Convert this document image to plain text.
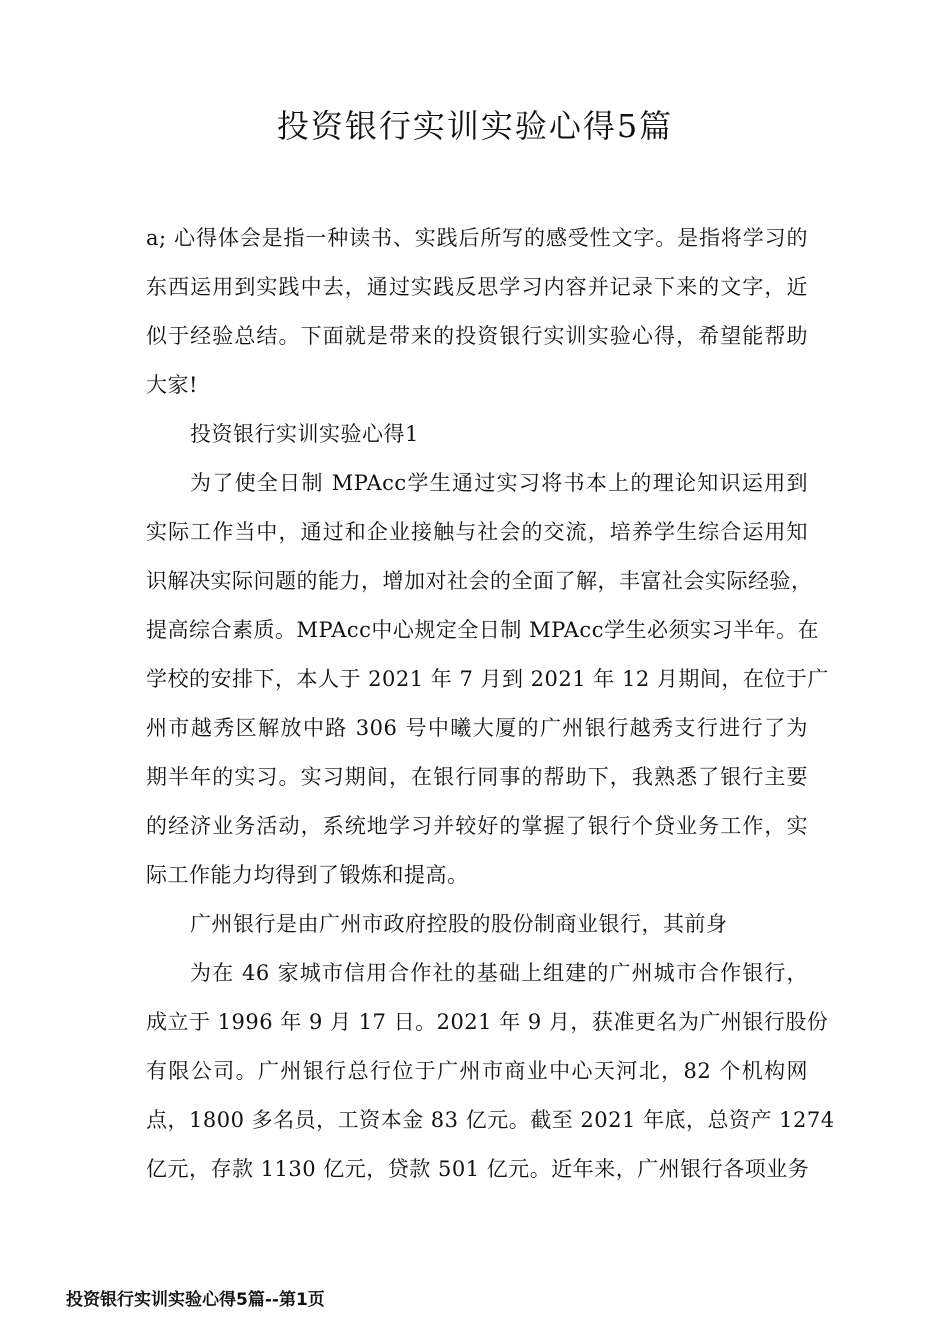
投资银行实训实验心得5篇
a; 心得体会是指一种读书、实践后所写的感受性文字。是指将学习的
东西运用到实践中去，通过实践反思学习内容并记录下来的文字，近
似于经验总结。下面就是带来的投资银行实训实验心得，希望能帮助
大家!
投资银行实训实验心得1
为了使全日制 MPAcc学生通过实习将书本上的理论知识运用到
实际工作当中，通过和企业接触与社会的交流，培养学生综合运用知
识解决实际问题的能力，增加对社会的全面了解，丰富社会实际经验，
提高综合素质。MPAcc中心规定全日制 MPAcc学生必须实习半年。在
学校的安排下，本人于 2021 年 7 月到 2021 年 12 月期间，在位于广
州市越秀区解放中路 306 号中曦大厦的广州银行越秀支行进行了为
期半年的实习。实习期间，在银行同事的帮助下，我熟悉了银行主要
的经济业务活动，系统地学习并较好的掌握了银行个贷业务工作，实
际工作能力均得到了锻炼和提高。
广州银行是由广州市政府控股的股份制商业银行，其前身
为在 46 家城市信用合作社的基础上组建的广州城市合作银行，
成立于 1996 年 9 月 17 日。2021 年 9 月，获准更名为广州银行股份
有限公司。广州银行总行位于广州市商业中心天河北，82 个机构网
点，1800 多名员，工资本金 83 亿元。截至 2021 年底，总资产 1274
亿元，存款 1130 亿元，贷款 501 亿元。近年来，广州银行各项业务
投资银行实训实验心得5篇--第1页
